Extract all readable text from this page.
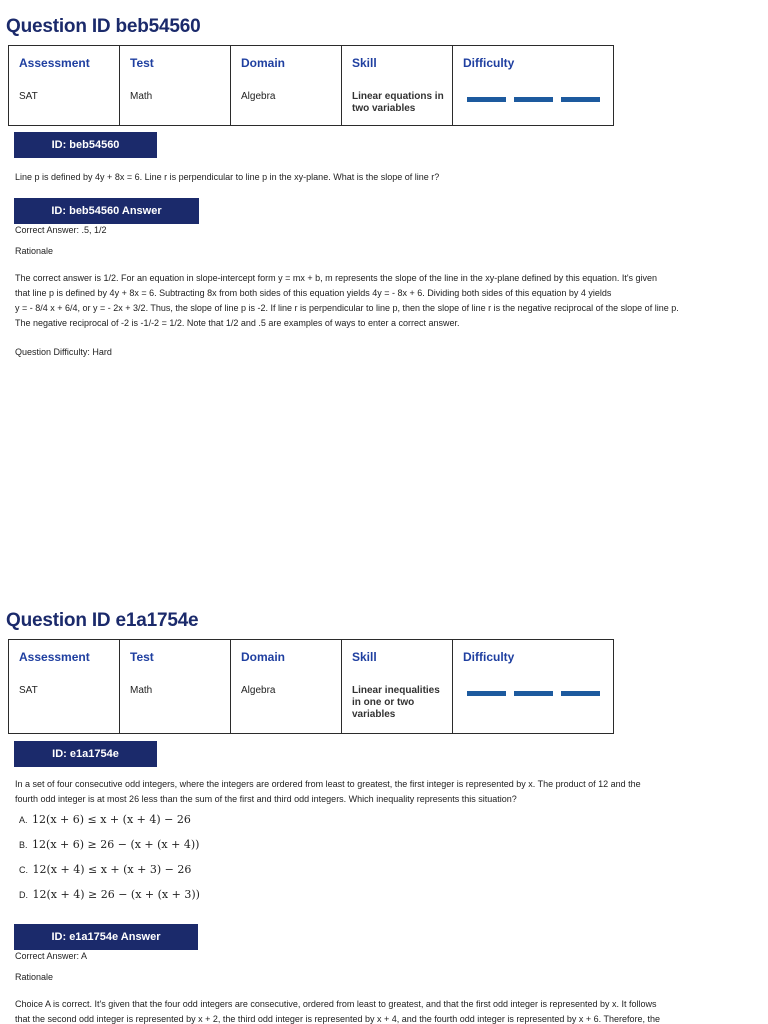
Question ID beb54560
Assessment
SAT
Test
Math
Domain
Algebra
Skill
Linear equations in two variables
Difficulty
ID: beb54560
Line p is defined by 4y + 8x = 6. Line r is perpendicular to line p in the xy-plane. What is the slope of line r?
ID: beb54560 Answer
Correct Answer: .5, 1/2
Rationale
The correct answer is 1/2. For an equation in slope-intercept form y = mx + b, m represents the slope of the line in the xy-plane defined by this equation. It's given
that line p is defined by 4y + 8x = 6. Subtracting 8x from both sides of this equation yields 4y = - 8x + 6. Dividing both sides of this equation by 4 yields
y = - 8/4 x + 6/4, or y = - 2x + 3/2. Thus, the slope of line p is -2. If line r is perpendicular to line p, then the slope of line r is the negative reciprocal of the slope of line p.
The negative reciprocal of -2 is -1/-2 = 1/2. Note that 1/2 and .5 are examples of ways to enter a correct answer.
Question Difficulty: Hard
Question ID e1a1754e
Assessment
SAT
Test
Math
Domain
Algebra
Skill
Linear inequalities in one or two variables
Difficulty
ID: e1a1754e
In a set of four consecutive odd integers, where the integers are ordered from least to greatest, the first integer is represented by x. The product of 12 and the
fourth odd integer is at most 26 less than the sum of the first and third odd integers. Which inequality represents this situation?
A. 12(x + 6) ≤ x + (x + 4) − 26
B. 12(x + 6) ≥ 26 − (x + (x + 4))
C. 12(x + 4) ≤ x + (x + 3) − 26
D. 12(x + 4) ≥ 26 − (x + (x + 3))
ID: e1a1754e Answer
Correct Answer: A
Rationale
Choice A is correct. It's given that the four odd integers are consecutive, ordered from least to greatest, and that the first odd integer is represented by x. It follows
that the second odd integer is represented by x + 2, the third odd integer is represented by x + 4, and the fourth odd integer is represented by x + 6. Therefore, the
